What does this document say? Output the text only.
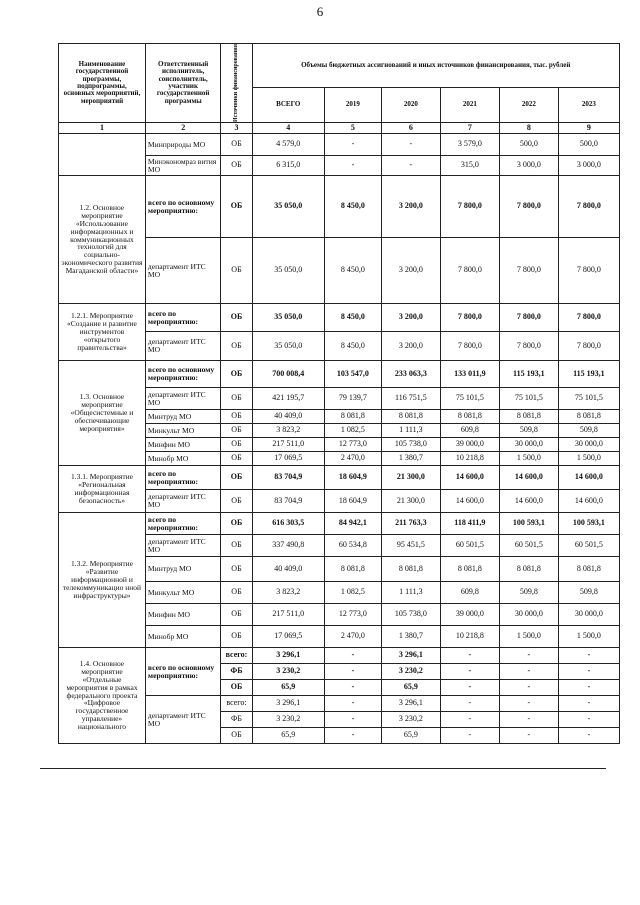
6
Наименование государственной программы, подпрограммы, основных мероприятий, мероприятий	Ответственный исполнитель, соисполнитель, участник государственной программы	Источники финансирования	Объемы бюджетных ассигнований и иных источников финансирования, тыс. рублей					
			ВСЕГО	2019	2020	2021	2022	2023
1	2	3	4	5	6	7	8	9
	Минприроды МО	ОБ	4 579,0	-	-	3 579,0	500,0	500,0
	Минэкономраз вития МО	ОБ	6 315,0	-	-	315,0	3 000,0	3 000,0
1.2. Основное мероприятие «Использование информационных и коммуникационных технологий для социально-экономического развития Магаданской области»	всего по основному мероприятию:	ОБ	35 050,0	8 450,0	3 200,0	7 800,0	7 800,0	7 800,0
	департамент ИТС МО	ОБ	35 050,0	8 450,0	3 200,0	7 800,0	7 800,0	7 800,0
1.2.1. Мероприятие «Создание и развитие инструментов «открытого правительства»	всего по мероприятию:	ОБ	35 050,0	8 450,0	3 200,0	7 800,0	7 800,0	7 800,0
	департамент ИТС МО	ОБ	35 050,0	8 450,0	3 200,0	7 800,0	7 800,0	7 800,0
1.3. Основное мероприятие «Общесистемные и обеспечивающие мероприятия»	всего по основному мероприятию:	ОБ	700 008,4	103 547,0	233 063,3	133 011,9	115 193,1	115 193,1
	департамент ИТС МО	ОБ	421 195,7	79 139,7	116 751,5	75 101,5	75 101,5	75 101,5
	Минтруд МО	ОБ	40 409,0	8 081,8	8 081,8	8 081,8	8 081,8	8 081,8
	Минкульт МО	ОБ	3 823,2	1 082,5	1 111,3	609,8	509,8	509,8
	Минфин МО	ОБ	217 511,0	12 773,0	105 738,0	39 000,0	30 000,0	30 000,0
	Минобр МО	ОБ	17 069,5	2 470,0	1 380,7	10 218,8	1 500,0	1 500,0
1.3.1. Мероприятие «Региональная информационная безопасность»	всего по мероприятию:	ОБ	83 704,9	18 604,9	21 300,0	14 600,0	14 600,0	14 600,0
	департамент ИТС МО	ОБ	83 704,9	18 604,9	21 300,0	14 600,0	14 600,0	14 600,0
1.3.2. Мероприятие «Развитие информационной и телекоммуникацио нной инфраструктуры»	всего по мероприятию:	ОБ	616 303,5	84 942,1	211 763,3	118 411,9	100 593,1	100 593,1
	департамент ИТС МО	ОБ	337 490,8	60 534,8	95 451,5	60 501,5	60 501,5	60 501,5
	Минтруд МО	ОБ	40 409,0	8 081,8	8 081,8	8 081,8	8 081,8	8 081,8
	Минкульт МО	ОБ	3 823,2	1 082,5	1 111,3	609,8	509,8	509,8
	Минфин МО	ОБ	217 511,0	12 773,0	105 738,0	39 000,0	30 000,0	30 000,0
	Минобр МО	ОБ	17 069,5	2 470,0	1 380,7	10 218,8	1 500,0	1 500,0
1.4. Основное мероприятие «Отдельные мероприятия в рамках федерального проекта «Цифровое государственное управление» национального	всего по основному мероприятию:	всего:	3 296,1	-	3 296,1	-	-	-
		ФБ	3 230,2	-	3 230,2	-	-	-
		ОБ	65,9	-	65,9	-	-	-
	департамент ИТС МО	всего:	3 296,1	-	3 296,1	-	-	-
		ФБ	3 230,2	-	3 230,2	-	-	-
		ОБ	65,9	-	65,9	-	-	-
